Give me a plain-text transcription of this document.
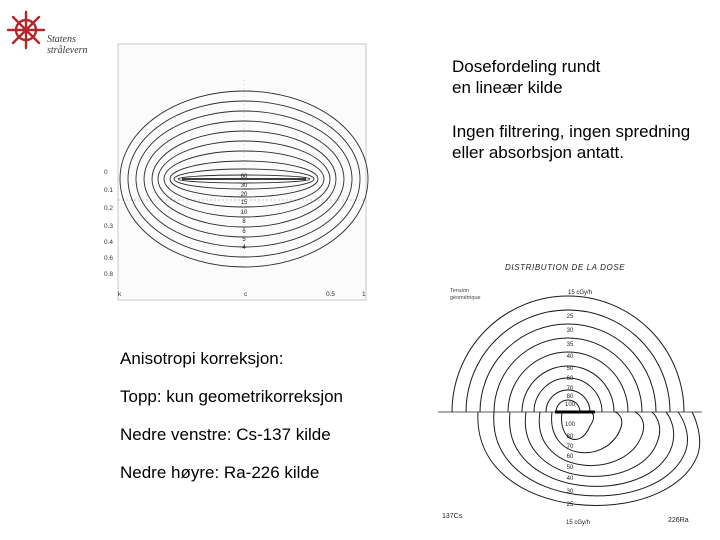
Statens
strålevern
0
0.1
0.2
0.3
0.4
0.6
0.8
60
30
20
15
10
8
6
5
4
k	c	0.5	1
DISTRIBUTION DE LA DOSE
Tension
géométrique
15 cGy/h
25
30
35
40
50
60
70
80
100
100
80
70
60
50
40
30
25
15 cGy/h
137Cs
226Ra
Dosefordeling rundt
en lineær kilde
Ingen filtrering, ingen spredning eller absorbsjon antatt.
Anisotropi korreksjon:
Topp: kun geometrikorreksjon
Nedre venstre: Cs-137 kilde
Nedre høyre: Ra-226 kilde
